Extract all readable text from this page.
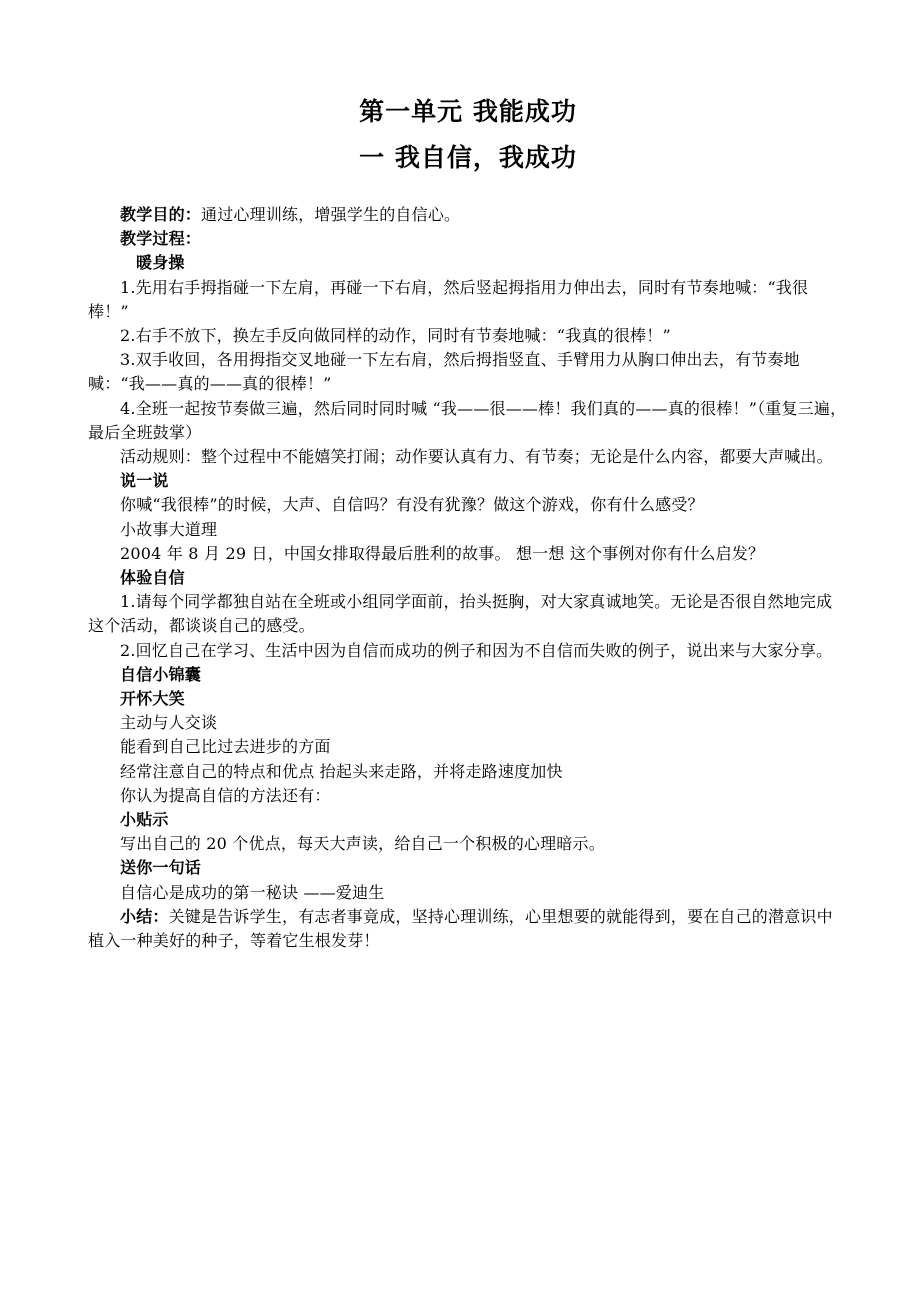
第一单元 我能成功
一 我自信，我成功

教学目的：通过心理训练，增强学生的自信心。

教学过程：

暖身操

1.先用右手拇指碰一下左肩，再碰一下右肩，然后竖起拇指用力伸出去，同时有节奏地喊：“我很棒！”

2.右手不放下，换左手反向做同样的动作，同时有节奏地喊：“我真的很棒！”

3.双手收回，各用拇指交叉地碰一下左右肩，然后拇指竖直、手臂用力从胸口伸出去，有节奏地喊：“我——真的——真的很棒！”

4.全班一起按节奏做三遍，然后同时同时喊 “我——很——棒！我们真的——真的很棒！”（重复三遍，最后全班鼓掌）

活动规则：整个过程中不能嬉笑打闹；动作要认真有力、有节奏；无论是什么内容，都要大声喊出。

说一说

你喊“我很棒”的时候，大声、自信吗？有没有犹豫？做这个游戏，你有什么感受？

小故事大道理

2004 年 8 月 29 日，中国女排取得最后胜利的故事。 想一想 这个事例对你有什么启发？

体验自信

1.请每个同学都独自站在全班或小组同学面前，抬头挺胸，对大家真诚地笑。无论是否很自然地完成这个活动，都谈谈自己的感受。

2.回忆自己在学习、生活中因为自信而成功的例子和因为不自信而失败的例子，说出来与大家分享。

自信小锦囊

开怀大笑

主动与人交谈

能看到自己比过去进步的方面

经常注意自己的特点和优点 抬起头来走路，并将走路速度加快

你认为提高自信的方法还有：

小贴示

写出自己的 20 个优点，每天大声读，给自己一个积极的心理暗示。

送你一句话

自信心是成功的第一秘诀 ——爱迪生

小结：关键是告诉学生，有志者事竟成，坚持心理训练，心里想要的就能得到，要在自己的潜意识中植入一种美好的种子，等着它生根发芽！
